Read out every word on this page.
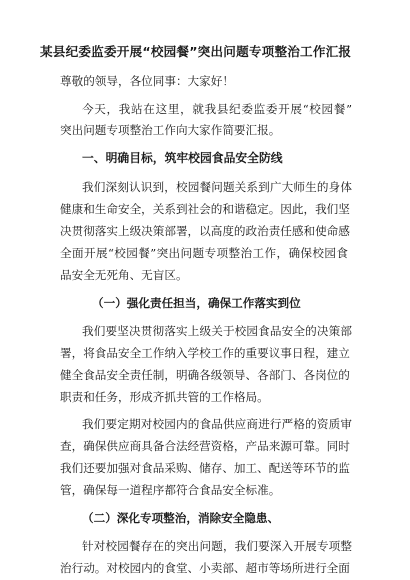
某县纪委监委开展“校园餐”突出问题专项整治工作汇报
尊敬的领导，各位同事：大家好！
今天，我站在这里，就我县纪委监委开展“校园餐”
突出问题专项整治工作向大家作简要汇报。
一、明确目标，筑牢校园食品安全防线
我们深刻认识到，校园餐问题关系到广大师生的身体
健康和生命安全，关系到社会的和谐稳定。因此，我们坚
决贯彻落实上级决策部署，以高度的政治责任感和使命感
全面开展“校园餐”突出问题专项整治工作，确保校园食
品安全无死角、无盲区。
（一）强化责任担当，确保工作落实到位
我们要坚决贯彻落实上级关于校园食品安全的决策部
署，将食品安全工作纳入学校工作的重要议事日程，建立
健全食品安全责任制，明确各级领导、各部门、各岗位的
职责和任务，形成齐抓共管的工作格局。
我们要定期对校园内的食品供应商进行严格的资质审
查，确保供应商具备合法经营资格，产品来源可靠。同时
我们还要加强对食品采购、储存、加工、配送等环节的监
管，确保每一道程序都符合食品安全标准。
（二）深化专项整治，消除安全隐患、
针对校园餐存在的突出问题，我们要深入开展专项整
治行动。对校园内的食堂、小卖部、超市等场所进行全面
